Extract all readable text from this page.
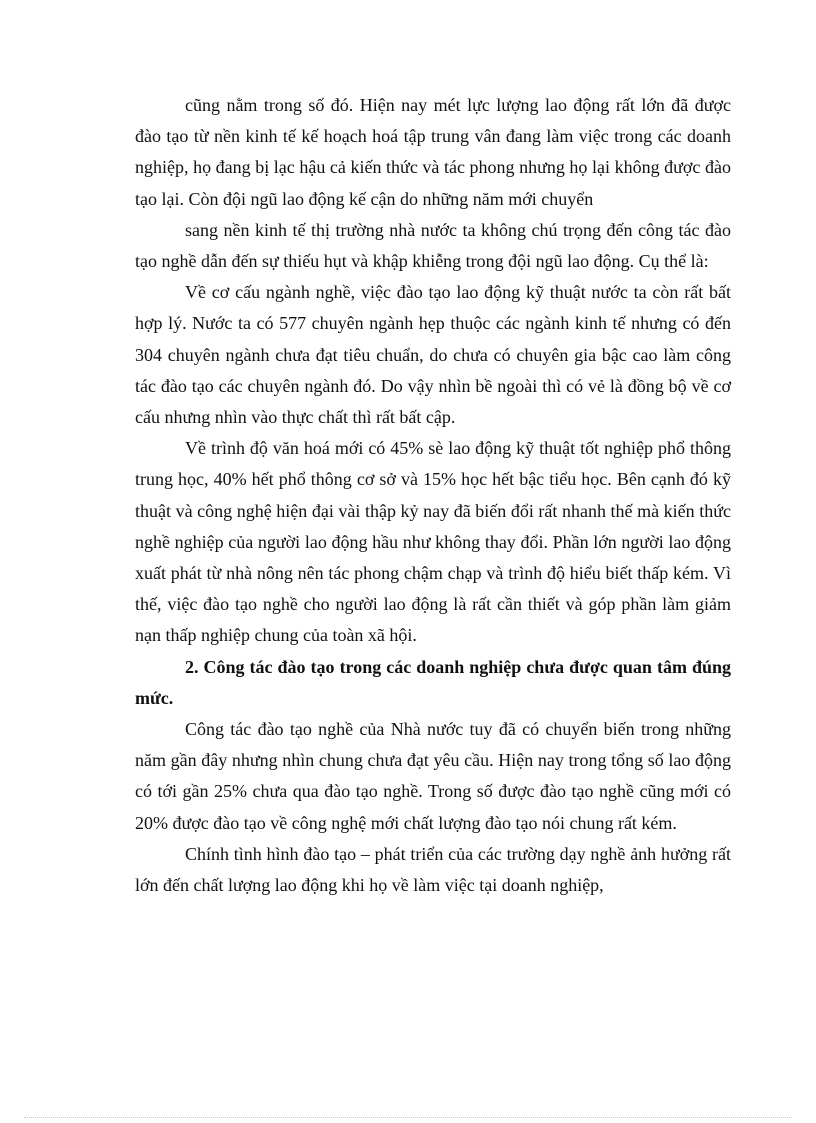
cũng nằm trong số đó. Hiện nay mét lực lượng lao động rất lớn đã được đào tạo từ nền kinh tế kế hoạch hoá tập trung vân đang làm việc trong các doanh nghiệp, họ đang bị lạc hậu cả kiến thức và tác phong nhưng họ lại không được đào tạo lại. Còn đội ngũ lao động kế cận do những năm mới chuyển

sang nền kinh tế thị trường nhà nước ta không chú trọng đến công tác đào tạo nghề dẫn đến sự thiếu hụt và khập khiễng trong đội ngũ lao động. Cụ thể là:

Về cơ cấu ngành nghề, việc đào tạo lao động kỹ thuật nước ta còn rất bất hợp lý. Nước ta có 577 chuyên ngành hẹp thuộc các ngành kinh tế nhưng có đến 304 chuyên ngành chưa đạt tiêu chuẩn, do chưa có chuyên gia bậc cao làm công tác đào tạo các chuyên ngành đó. Do vậy nhìn bề ngoài thì có vẻ là đồng bộ về cơ cấu nhưng nhìn vào thực chất thì rất bất cập.

Về trình độ văn hoá mới có 45% sè lao động kỹ thuật tốt nghiệp phổ thông trung học, 40% hết phổ thông cơ sở và 15% học hết bậc tiểu học. Bên cạnh đó kỹ thuật và công nghệ hiện đại vài thập kỷ nay đã biến đổi rất nhanh thế mà kiến thức nghề nghiệp của người lao động hầu như không thay đổi. Phần lớn người lao động xuất phát từ nhà nông nên tác phong chậm chạp và trình độ hiểu biết thấp kém. Vì thế, việc đào tạo nghề cho người lao động là rất cần thiết và góp phần làm giảm nạn thấp nghiệp chung của toàn xã hội.

2. Công tác đào tạo trong các doanh nghiệp chưa được quan tâm đúng mức.

Công tác đào tạo nghề của Nhà nước tuy đã có chuyển biến trong những năm gần đây nhưng nhìn chung chưa đạt yêu cầu. Hiện nay trong tổng số lao động có tới gần 25% chưa qua đào tạo nghề. Trong số được đào tạo nghề cũng mới có 20% được đào tạo về công nghệ mới chất lượng đào tạo nói chung rất kém.

Chính tình hình đào tạo – phát triển của các trường dạy nghề ảnh hưởng rất lớn đến chất lượng lao động khi họ về làm việc tại doanh nghiệp,
